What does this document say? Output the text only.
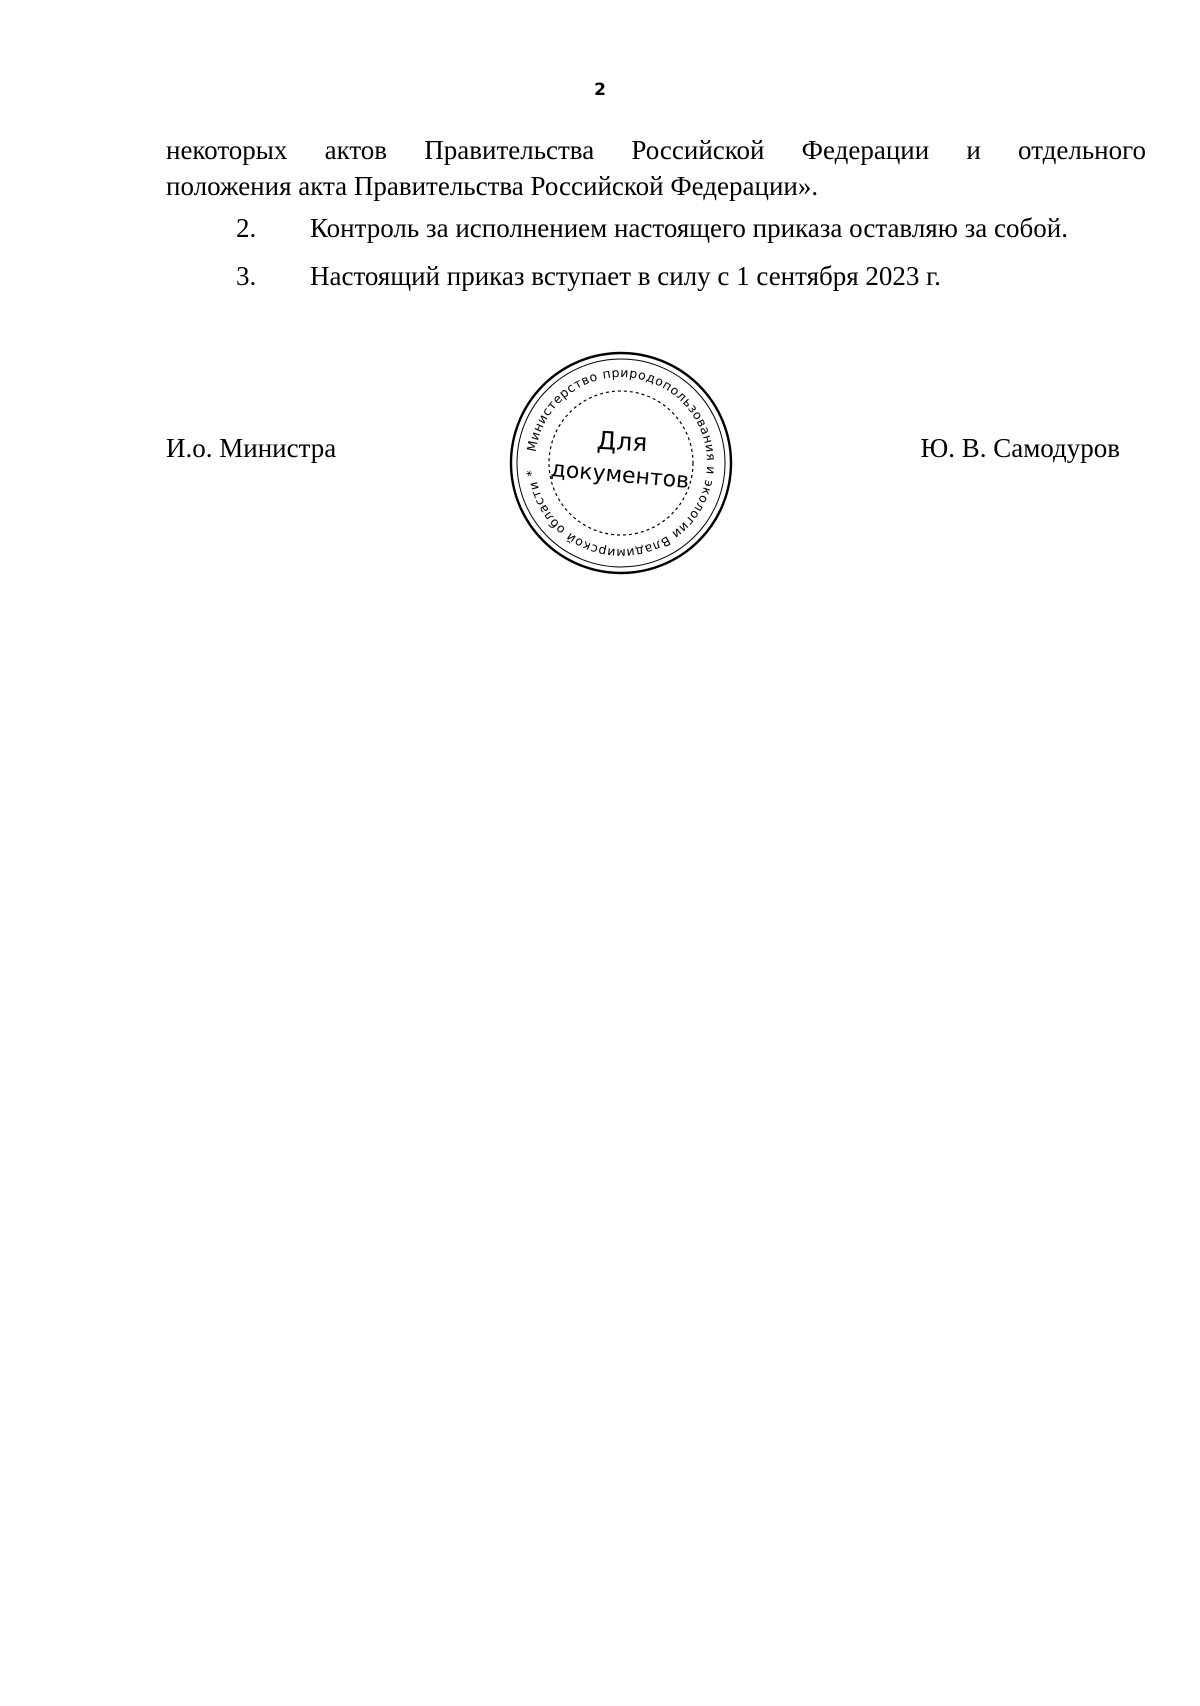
2
некоторых актов Правительства Российской Федерации и отдельного
положения акта Правительства Российской Федерации».
2. Контроль за исполнением настоящего приказа оставляю за собой.
3. Настоящий приказ вступает в силу с 1 сентября 2023 г.
И.о. Министра	Ю. В. Самодуров
Министерство природопользования и экологии Владимирской области *
Для
документов
